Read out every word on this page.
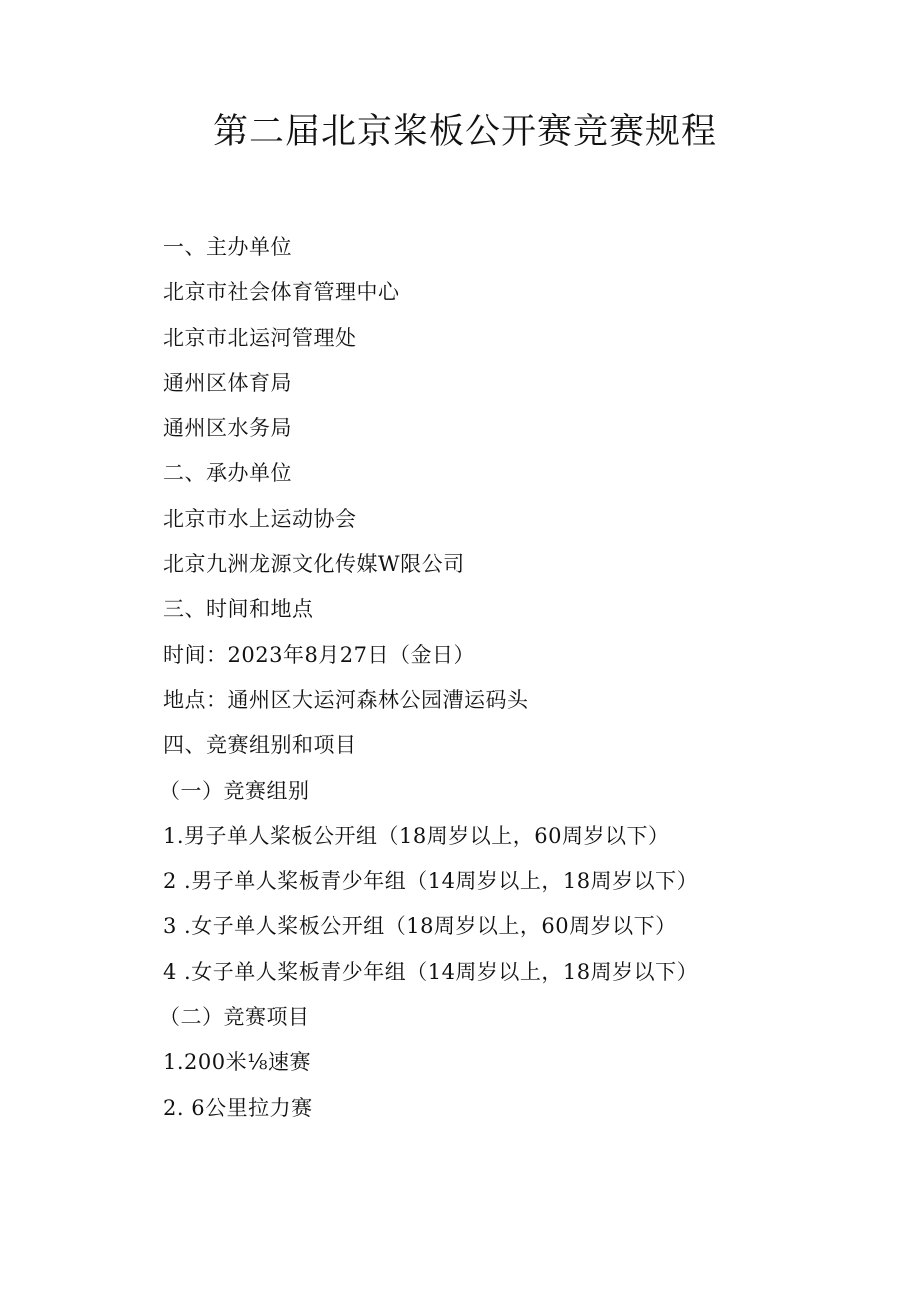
第二届北京桨板公开赛竞赛规程
一、主办单位
北京市社会体育管理中心
北京市北运河管理处
通州区体育局
通州区水务局
二、承办单位
北京市水上运动协会
北京九洲龙源文化传媒W限公司
三、时间和地点
时间：2023年8月27日（金日）
地点：通州区大运河森林公园漕运码头
四、竞赛组别和项目
（一）竞赛组别
1.男子单人桨板公开组（18周岁以上，60周岁以下）
2 .男子单人桨板青少年组（14周岁以上，18周岁以下）
3 .女子单人桨板公开组（18周岁以上，60周岁以下）
4 .女子单人桨板青少年组（14周岁以上，18周岁以下）
（二）竞赛项目
1.200米⅛速赛
2. 6公里拉力赛
